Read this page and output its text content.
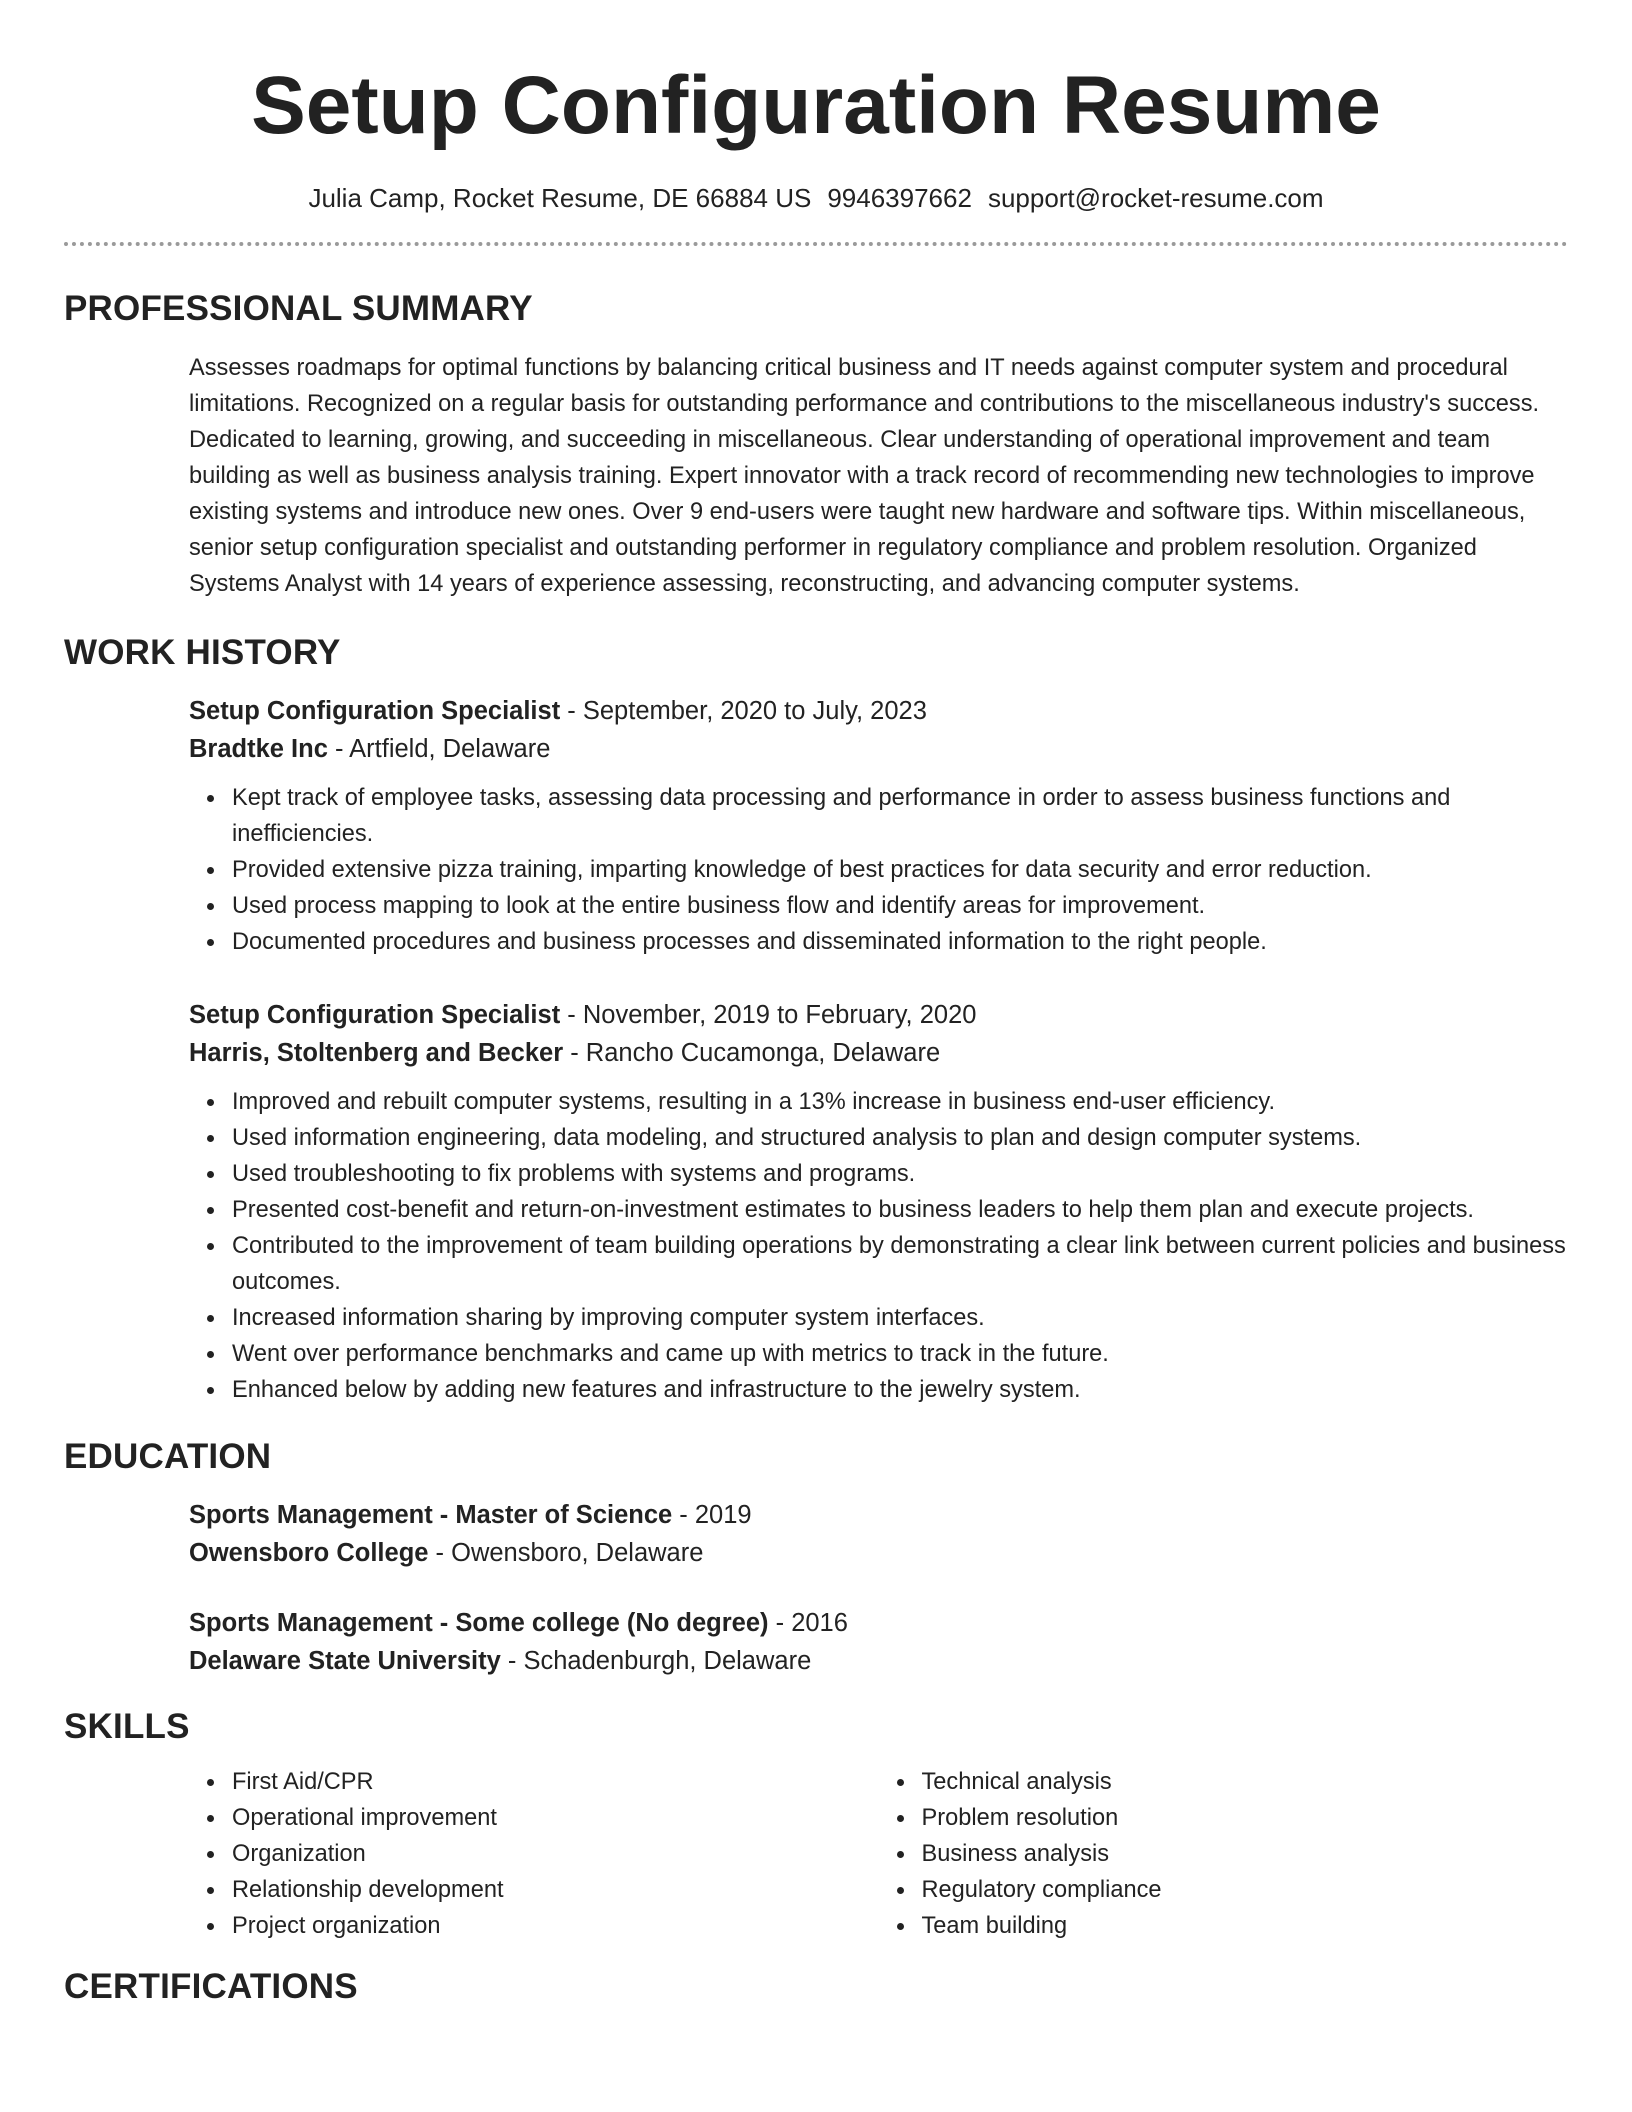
Setup Configuration Resume
Julia Camp, Rocket Resume, DE 66884 US 9946397662 support@rocket-resume.com
PROFESSIONAL SUMMARY
Assesses roadmaps for optimal functions by balancing critical business and IT needs against computer system and procedural limitations. Recognized on a regular basis for outstanding performance and contributions to the miscellaneous industry's success. Dedicated to learning, growing, and succeeding in miscellaneous. Clear understanding of operational improvement and team building as well as business analysis training. Expert innovator with a track record of recommending new technologies to improve existing systems and introduce new ones. Over 9 end-users were taught new hardware and software tips. Within miscellaneous, senior setup configuration specialist and outstanding performer in regulatory compliance and problem resolution. Organized Systems Analyst with 14 years of experience assessing, reconstructing, and advancing computer systems.
WORK HISTORY
Setup Configuration Specialist - September, 2020 to July, 2023
Bradtke Inc - Artfield, Delaware
Kept track of employee tasks, assessing data processing and performance in order to assess business functions and inefficiencies.
Provided extensive pizza training, imparting knowledge of best practices for data security and error reduction.
Used process mapping to look at the entire business flow and identify areas for improvement.
Documented procedures and business processes and disseminated information to the right people.
Setup Configuration Specialist - November, 2019 to February, 2020
Harris, Stoltenberg and Becker - Rancho Cucamonga, Delaware
Improved and rebuilt computer systems, resulting in a 13% increase in business end-user efficiency.
Used information engineering, data modeling, and structured analysis to plan and design computer systems.
Used troubleshooting to fix problems with systems and programs.
Presented cost-benefit and return-on-investment estimates to business leaders to help them plan and execute projects.
Contributed to the improvement of team building operations by demonstrating a clear link between current policies and business outcomes.
Increased information sharing by improving computer system interfaces.
Went over performance benchmarks and came up with metrics to track in the future.
Enhanced below by adding new features and infrastructure to the jewelry system.
EDUCATION
Sports Management - Master of Science - 2019
Owensboro College - Owensboro, Delaware
Sports Management - Some college (No degree) - 2016
Delaware State University - Schadenburgh, Delaware
SKILLS
First Aid/CPR
Operational improvement
Organization
Relationship development
Project organization
Technical analysis
Problem resolution
Business analysis
Regulatory compliance
Team building
CERTIFICATIONS
